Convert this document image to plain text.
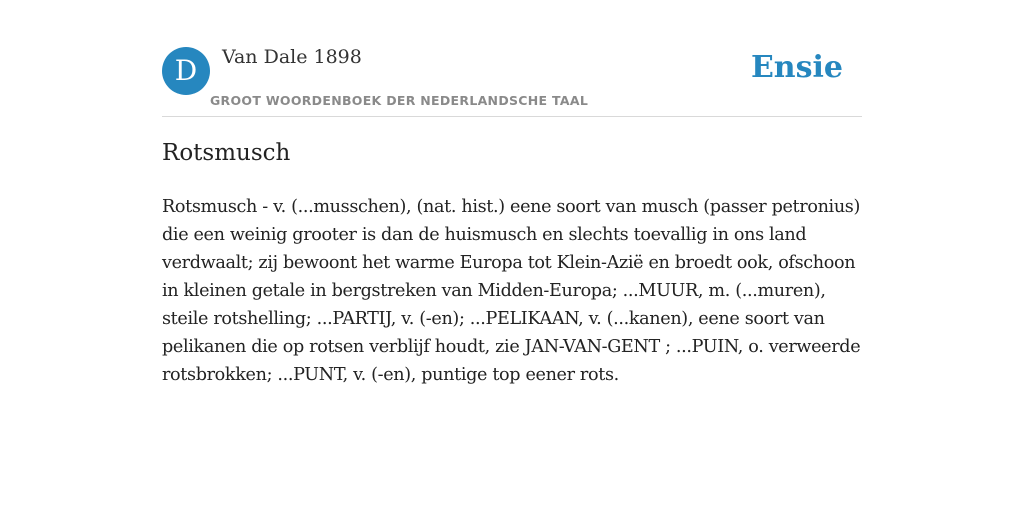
D	Van Dale 1898
GROOT WOORDENBOEK DER NEDERLANDSCHE TAAL
Ensie
Rotsmusch

Rotsmusch - v. (...musschen), (nat. hist.) eene soort van musch (passer petronius) die een weinig grooter is dan de huismusch en slechts toevallig in ons land verdwaalt; zij bewoont het warme Europa tot Klein-Azië en broedt ook, ofschoon in kleinen getale in bergstreken van Midden-Europa; ...MUUR, m. (...muren), steile rotshelling; ...PARTIJ, v. (-en); ...PELIKAAN, v. (...kanen), eene soort van pelikanen die op rotsen verblijf houdt, zie JAN-VAN-GENT ; ...PUIN, o. verweerde rotsbrokken; ...PUNT, v. (-en), puntige top eener rots.
